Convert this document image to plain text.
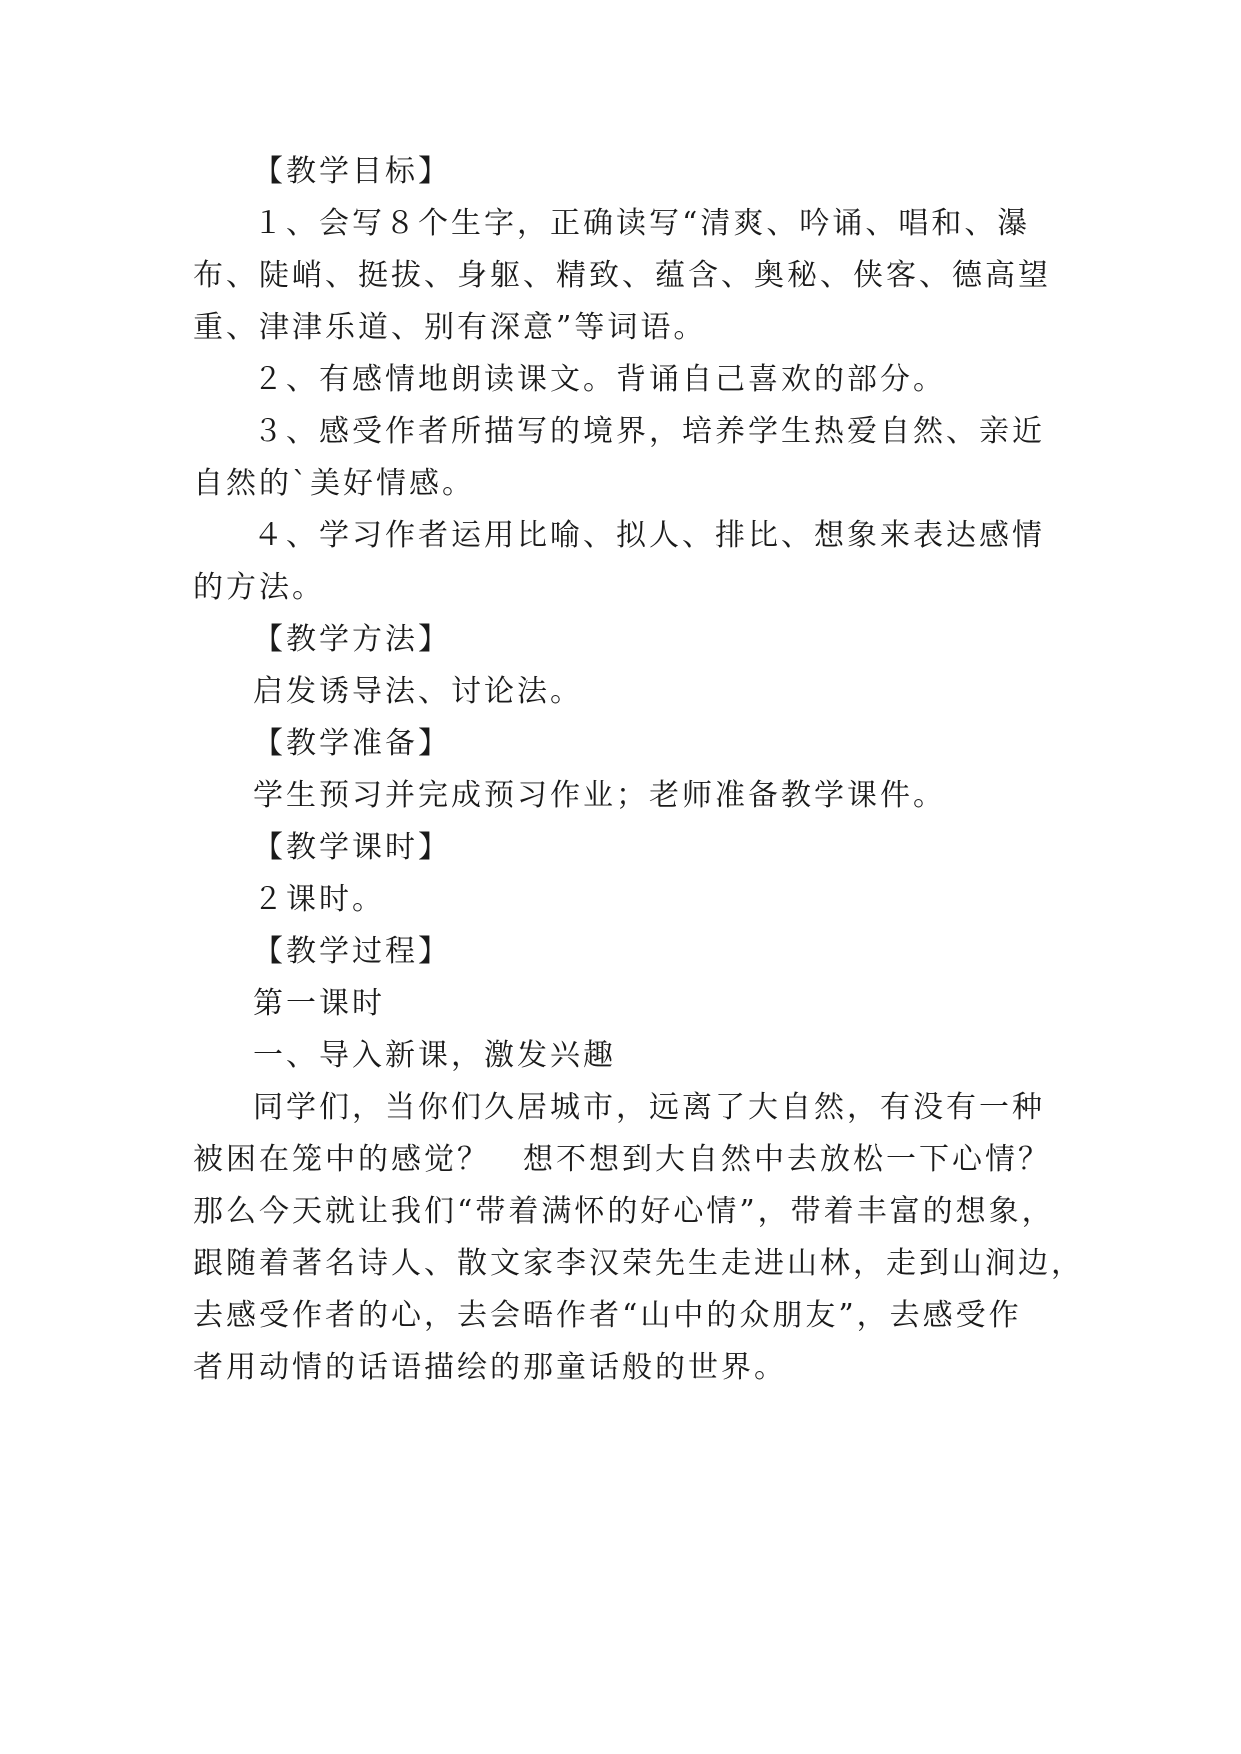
【教学目标】
１、会写８个生字，正确读写“清爽、吟诵、唱和、瀑
布、陡峭、挺拔、身躯、精致、蕴含、奥秘、侠客、德高望
重、津津乐道、别有深意”等词语。
２、有感情地朗读课文。背诵自己喜欢的部分。
３、感受作者所描写的境界，培养学生热爱自然、亲近
自然的`美好情感。
４、学习作者运用比喻、拟人、排比、想象来表达感情
的方法。
【教学方法】
启发诱导法、讨论法。
【教学准备】
学生预习并完成预习作业；老师准备教学课件。
【教学课时】
２课时。
【教学过程】
第一课时
一、导入新课，激发兴趣
同学们，当你们久居城市，远离了大自然，有没有一种
被困在笼中的感觉？　想不想到大自然中去放松一下心情？
那么今天就让我们“带着满怀的好心情”，带着丰富的想象，
跟随着著名诗人、散文家李汉荣先生走进山林，走到山涧边，
去感受作者的心，去会晤作者“山中的众朋友”，去感受作
者用动情的话语描绘的那童话般的世界。
